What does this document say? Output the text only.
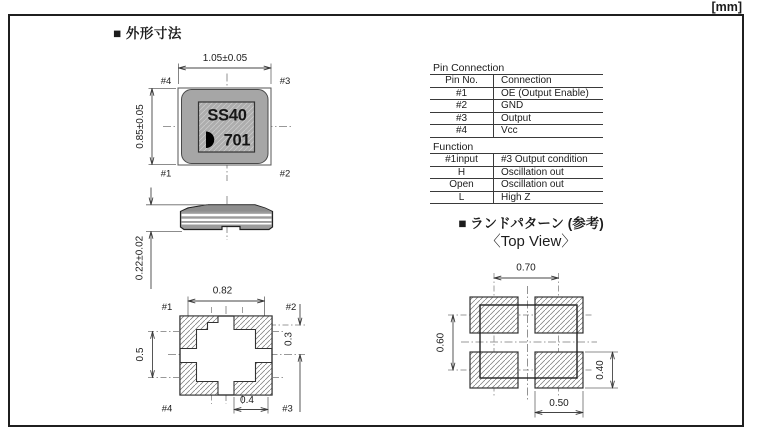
[mm]
■ 外形寸法
■ ランドパターン (参考)
〈Top View〉
1.05±0.05
SS40
701
#4	#3
#1	#2
0.85±0.05
0.22±0.02
0.82
0.5
0.3
0.4
#1	#2
#4	#3
0.70
0.60
0.40
0.50
Pin Connection
Pin No.	Connection
#1	OE (Output Enable)
#2	GND
#3	Output
#4	Vcc
Function
#1input	#3 Output condition
H	Oscillation out
Open	Oscillation out
L	High Z
